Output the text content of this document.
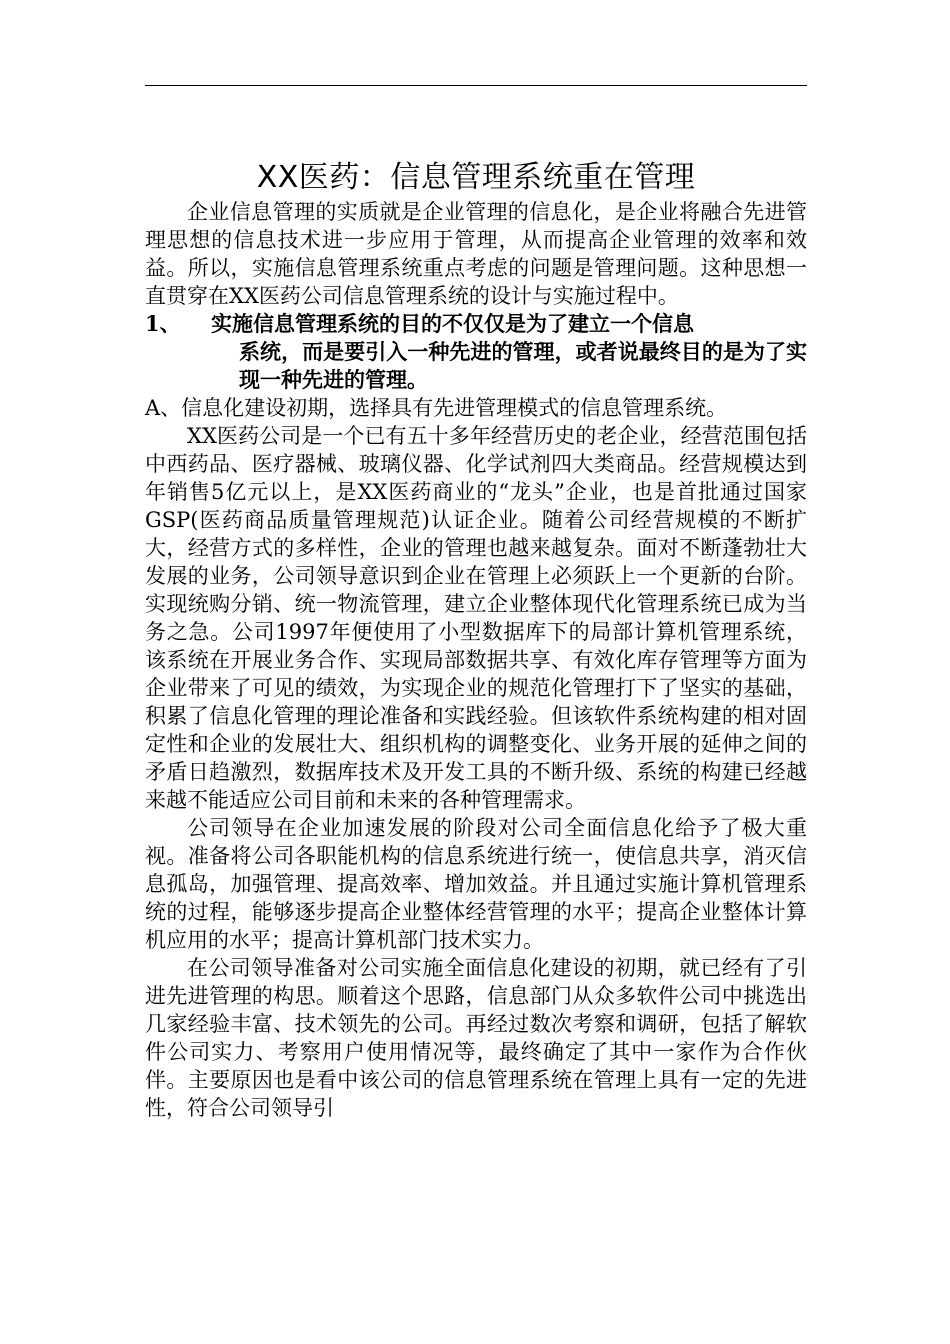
XX医药：信息管理系统重在管理

企业信息管理的实质就是企业管理的信息化，是企业将融合先进管理思想的信息技术进一步应用于管理，从而提高企业管理的效率和效益。所以，实施信息管理系统重点考虑的问题是管理问题。这种思想一直贯穿在XX医药公司信息管理系统的设计与实施过程中。

1、	实施信息管理系统的目的不仅仅是为了建立一个信息
系统，而是要引入一种先进的管理，或者说最终目的是为了实现一种先进的管理。

A、信息化建设初期，选择具有先进管理模式的信息管理系统。

XX医药公司是一个已有五十多年经营历史的老企业，经营范围包括中西药品、医疗器械、玻璃仪器、化学试剂四大类商品。经营规模达到年销售5亿元以上，是XX医药商业的“龙头”企业，也是首批通过国家GSP(医药商品质量管理规范)认证企业。随着公司经营规模的不断扩大，经营方式的多样性，企业的管理也越来越复杂。面对不断蓬勃壮大发展的业务，公司领导意识到企业在管理上必须跃上一个更新的台阶。实现统购分销、统一物流管理，建立企业整体现代化管理系统已成为当务之急。公司1997年便使用了小型数据库下的局部计算机管理系统，该系统在开展业务合作、实现局部数据共享、有效化库存管理等方面为企业带来了可见的绩效，为实现企业的规范化管理打下了坚实的基础，积累了信息化管理的理论准备和实践经验。但该软件系统构建的相对固定性和企业的发展壮大、组织机构的调整变化、业务开展的延伸之间的矛盾日趋激烈，数据库技术及开发工具的不断升级、系统的构建已经越来越不能适应公司目前和未来的各种管理需求。

公司领导在企业加速发展的阶段对公司全面信息化给予了极大重视。准备将公司各职能机构的信息系统进行统一，使信息共享，消灭信息孤岛，加强管理、提高效率、增加效益。并且通过实施计算机管理系统的过程，能够逐步提高企业整体经营管理的水平；提高企业整体计算机应用的水平；提高计算机部门技术实力。

在公司领导准备对公司实施全面信息化建设的初期，就已经有了引进先进管理的构思。顺着这个思路，信息部门从众多软件公司中挑选出几家经验丰富、技术领先的公司。再经过数次考察和调研，包括了解软件公司实力、考察用户使用情况等，最终确定了其中一家作为合作伙伴。主要原因也是看中该公司的信息管理系统在管理上具有一定的先进性，符合公司领导引
